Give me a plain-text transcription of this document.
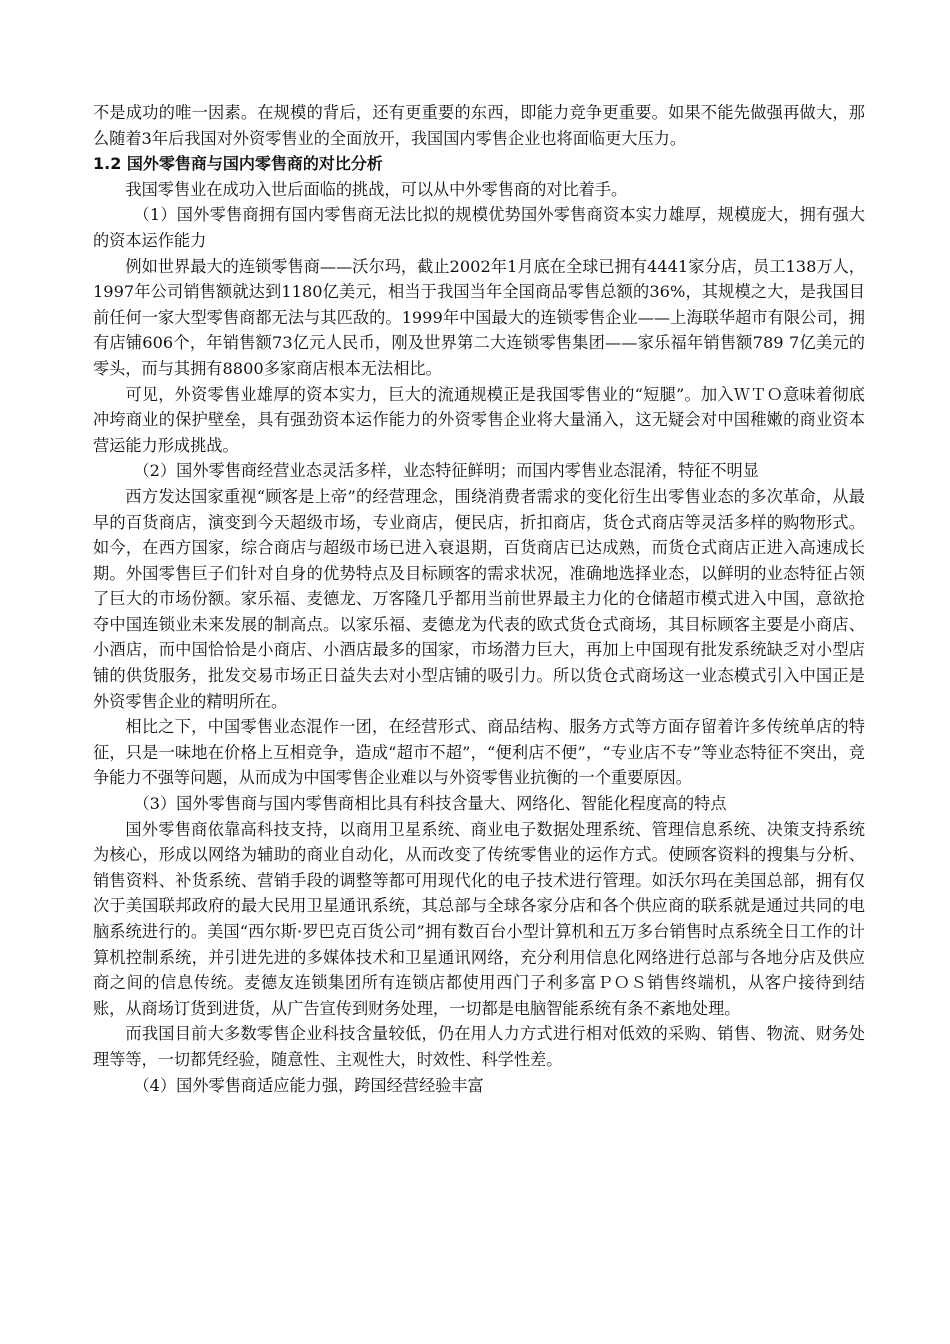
不是成功的唯一因素。在规模的背后，还有更重要的东西，即能力竞争更重要。如果不能先做强再做大，那么随着3年后我国对外资零售业的全面放开，我国国内零售企业也将面临更大压力。

1.2 国外零售商与国内零售商的对比分析

我国零售业在成功入世后面临的挑战，可以从中外零售商的对比着手。

（1）国外零售商拥有国内零售商无法比拟的规模优势国外零售商资本实力雄厚，规模庞大，拥有强大的资本运作能力

例如世界最大的连锁零售商——沃尔玛，截止2002年1月底在全球已拥有4441家分店，员工138万人，1997年公司销售额就达到1180亿美元，相当于我国当年全国商品零售总额的36%，其规模之大，是我国目前任何一家大型零售商都无法与其匹敌的。1999年中国最大的连锁零售企业——上海联华超市有限公司，拥有店铺606个，年销售额73亿元人民币，刚及世界第二大连锁零售集团——家乐福年销售额789 7亿美元的零头，而与其拥有8800多家商店根本无法相比。

可见，外资零售业雄厚的资本实力，巨大的流通规模正是我国零售业的“短腿”。加入ＷＴＯ意味着彻底冲垮商业的保护壁垒，具有强劲资本运作能力的外资零售企业将大量涌入，这无疑会对中国稚嫩的商业资本营运能力形成挑战。

（2）国外零售商经营业态灵活多样，业态特征鲜明；而国内零售业态混淆，特征不明显

西方发达国家重视“顾客是上帝”的经营理念，围绕消费者需求的变化衍生出零售业态的多次革命，从最早的百货商店，演变到今天超级市场，专业商店，便民店，折扣商店，货仓式商店等灵活多样的购物形式。如今，在西方国家，综合商店与超级市场已进入衰退期，百货商店已达成熟，而货仓式商店正进入高速成长期。外国零售巨子们针对自身的优势特点及目标顾客的需求状况，准确地选择业态，以鲜明的业态特征占领了巨大的市场份额。家乐福、麦德龙、万客隆几乎都用当前世界最主力化的仓储超市模式进入中国，意欲抢夺中国连锁业未来发展的制高点。以家乐福、麦德龙为代表的欧式货仓式商场，其目标顾客主要是小商店、小酒店，而中国恰恰是小商店、小酒店最多的国家，市场潜力巨大，再加上中国现有批发系统缺乏对小型店铺的供货服务，批发交易市场正日益失去对小型店铺的吸引力。所以货仓式商场这一业态模式引入中国正是外资零售企业的精明所在。

相比之下，中国零售业态混作一团，在经营形式、商品结构、服务方式等方面存留着许多传统单店的特征，只是一味地在价格上互相竞争，造成“超市不超”，“便利店不便”，“专业店不专”等业态特征不突出，竞争能力不强等问题，从而成为中国零售企业难以与外资零售业抗衡的一个重要原因。

（3）国外零售商与国内零售商相比具有科技含量大、网络化、智能化程度高的特点

国外零售商依靠高科技支持，以商用卫星系统、商业电子数据处理系统、管理信息系统、决策支持系统为核心，形成以网络为辅助的商业自动化，从而改变了传统零售业的运作方式。使顾客资料的搜集与分析、销售资料、补货系统、营销手段的调整等都可用现代化的电子技术进行管理。如沃尔玛在美国总部，拥有仅次于美国联邦政府的最大民用卫星通讯系统，其总部与全球各家分店和各个供应商的联系就是通过共同的电脑系统进行的。美国“西尔斯·罗巴克百货公司”拥有数百台小型计算机和五万多台销售时点系统全日工作的计算机控制系统，并引进先进的多媒体技术和卫星通讯网络，充分利用信息化网络进行总部与各地分店及供应商之间的信息传统。麦德友连锁集团所有连锁店都使用西门子利多富ＰＯＳ销售终端机，从客户接待到结账，从商场订货到进货，从广告宣传到财务处理，一切都是电脑智能系统有条不紊地处理。

而我国目前大多数零售企业科技含量较低，仍在用人力方式进行相对低效的采购、销售、物流、财务处理等等，一切都凭经验，随意性、主观性大，时效性、科学性差。

（4）国外零售商适应能力强，跨国经营经验丰富
